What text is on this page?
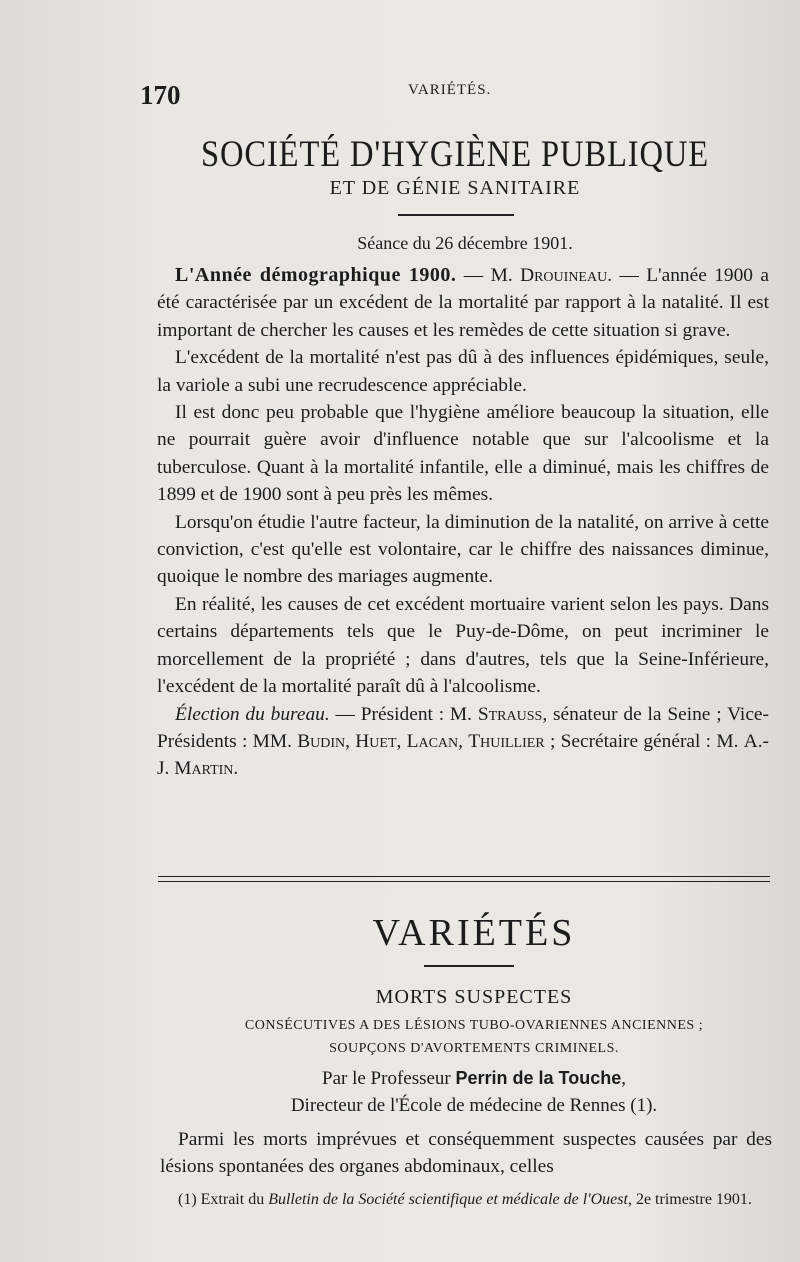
170	VARIÉTÉS.
SOCIÉTÉ D'HYGIÈNE PUBLIQUE
ET DE GÉNIE SANITAIRE
Séance du 26 décembre 1901.

L'Année démographique 1900. — M. Drouineau. — L'année 1900 a été caractérisée par un excédent de la mortalité par rapport à la natalité. Il est important de chercher les causes et les remèdes de cette situation si grave.

L'excédent de la mortalité n'est pas dû à des influences épidémiques, seule, la variole a subi une recrudescence appréciable.

Il est donc peu probable que l'hygiène améliore beaucoup la situation, elle ne pourrait guère avoir d'influence notable que sur l'alcoolisme et la tuberculose. Quant à la mortalité infantile, elle a diminué, mais les chiffres de 1899 et de 1900 sont à peu près les mêmes.

Lorsqu'on étudie l'autre facteur, la diminution de la natalité, on arrive à cette conviction, c'est qu'elle est volontaire, car le chiffre des naissances diminue, quoique le nombre des mariages augmente.

En réalité, les causes de cet excédent mortuaire varient selon les pays. Dans certains départements tels que le Puy-de-Dôme, on peut incriminer le morcellement de la propriété ; dans d'autres, tels que la Seine-Inférieure, l'excédent de la mortalité paraît dû à l'alcoolisme.

Élection du bureau. — Président : M. Strauss, sénateur de la Seine ; Vice-Présidents : MM. Budin, Huet, Lacan, Thuillier ; Secrétaire général : M. A.-J. Martin.

VARIÉTÉS
MORTS SUSPECTES
CONSÉCUTIVES A DES LÉSIONS TUBO-OVARIENNES ANCIENNES ;
SOUPÇONS D'AVORTEMENTS CRIMINELS.
Par le Professeur Perrin de la Touche,
Directeur de l'École de médecine de Rennes (1).

Parmi les morts imprévues et conséquemment suspectes causées par des lésions spontanées des organes abdominaux, celles

(1) Extrait du Bulletin de la Société scientifique et médicale de l'Ouest, 2e trimestre 1901.
